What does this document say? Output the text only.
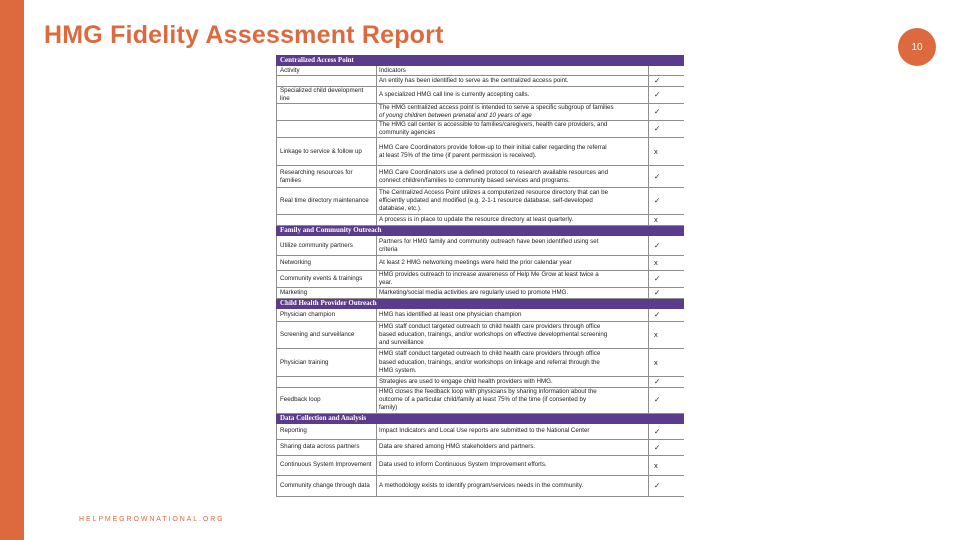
HMG Fidelity Assessment Report	10
Centralized Access Point		
Activity	Indicators	

	An entity has been identified to serve as the centralized access point.	✓
Specialized child development line	A specialized HMG call line is currently accepting calls.	✓

	The HMG centralized access point is intended to serve a specific subgroup of families
of young children between prenatal and 10 years of age	✓

	The HMG call center is accessible to families/caregivers, health care providers, and
community agencies	✓
Linkage to service & follow up	HMG Care Coordinators provide follow-up to their initial caller regarding the referral
at least 75% of the time (if parent permission is received).	x
Researching resources for families	HMG Care Coordinators use a defined protocol to research available resources and
connect children/families to community based services and programs.	✓
Real time directory maintenance	The Centralized Access Point utilizes a computerized resource directory that can be
efficiently updated and modified (e.g. 2-1-1 resource database, self-developed
database, etc.).	✓

	A process is in place to update the resource directory at least quarterly.	x
Family and Community Outreach		
Utilize community partners	Partners for HMG family and community outreach have been identified using set
criteria	✓
Networking	At least 2 HMG networking meetings were held the prior calendar year	x
Community events & trainings	HMG provides outreach to increase awareness of Help Me Grow at least twice a
year.	✓
Marketing	Marketing/social media activities are regularly used to promote HMG.	✓
Child Health Provider Outreach		
Physician champion	HMG has identified at least one physician champion	✓
Screening and surveillance	HMG staff conduct targeted outreach to child health care providers through office
based education, trainings, and/or workshops on effective developmental screening
and surveillance	x
Physician training	HMG staff conduct targeted outreach to child health care providers through office
based education, trainings, and/or workshops on linkage and referral through the
HMG system.	x

	Strategies are used to engage child health providers with HMG.	✓
Feedback loop	HMG closes the feedback loop with physicians by sharing information about the
outcome of a particular child/family at least 75% of the time (if consented by
family)	✓
Data Collection and Analysis		
Reporting	Impact Indicators and Local Use reports are submitted to the National Center	✓
Sharing data across partners	Data are shared among HMG stakeholders and partners.	✓
Continuous System Improvement	Data used to inform Continuous System Improvement efforts.	x
Community change through data	A methodology exists to identify program/services needs in the community.	✓
HELPMEGROWNATIONAL.ORG
